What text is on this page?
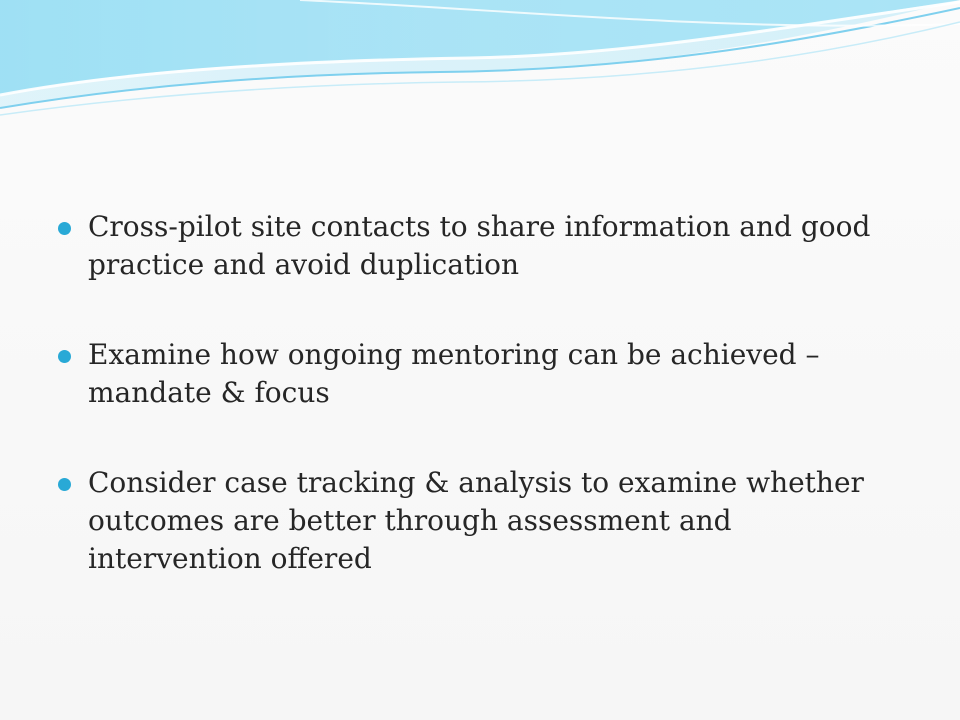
Cross-pilot site contacts to share information and good practice and avoid duplication
Examine how ongoing mentoring can be achieved – mandate & focus
Consider case tracking & analysis to examine whether outcomes are better through assessment and intervention offered
